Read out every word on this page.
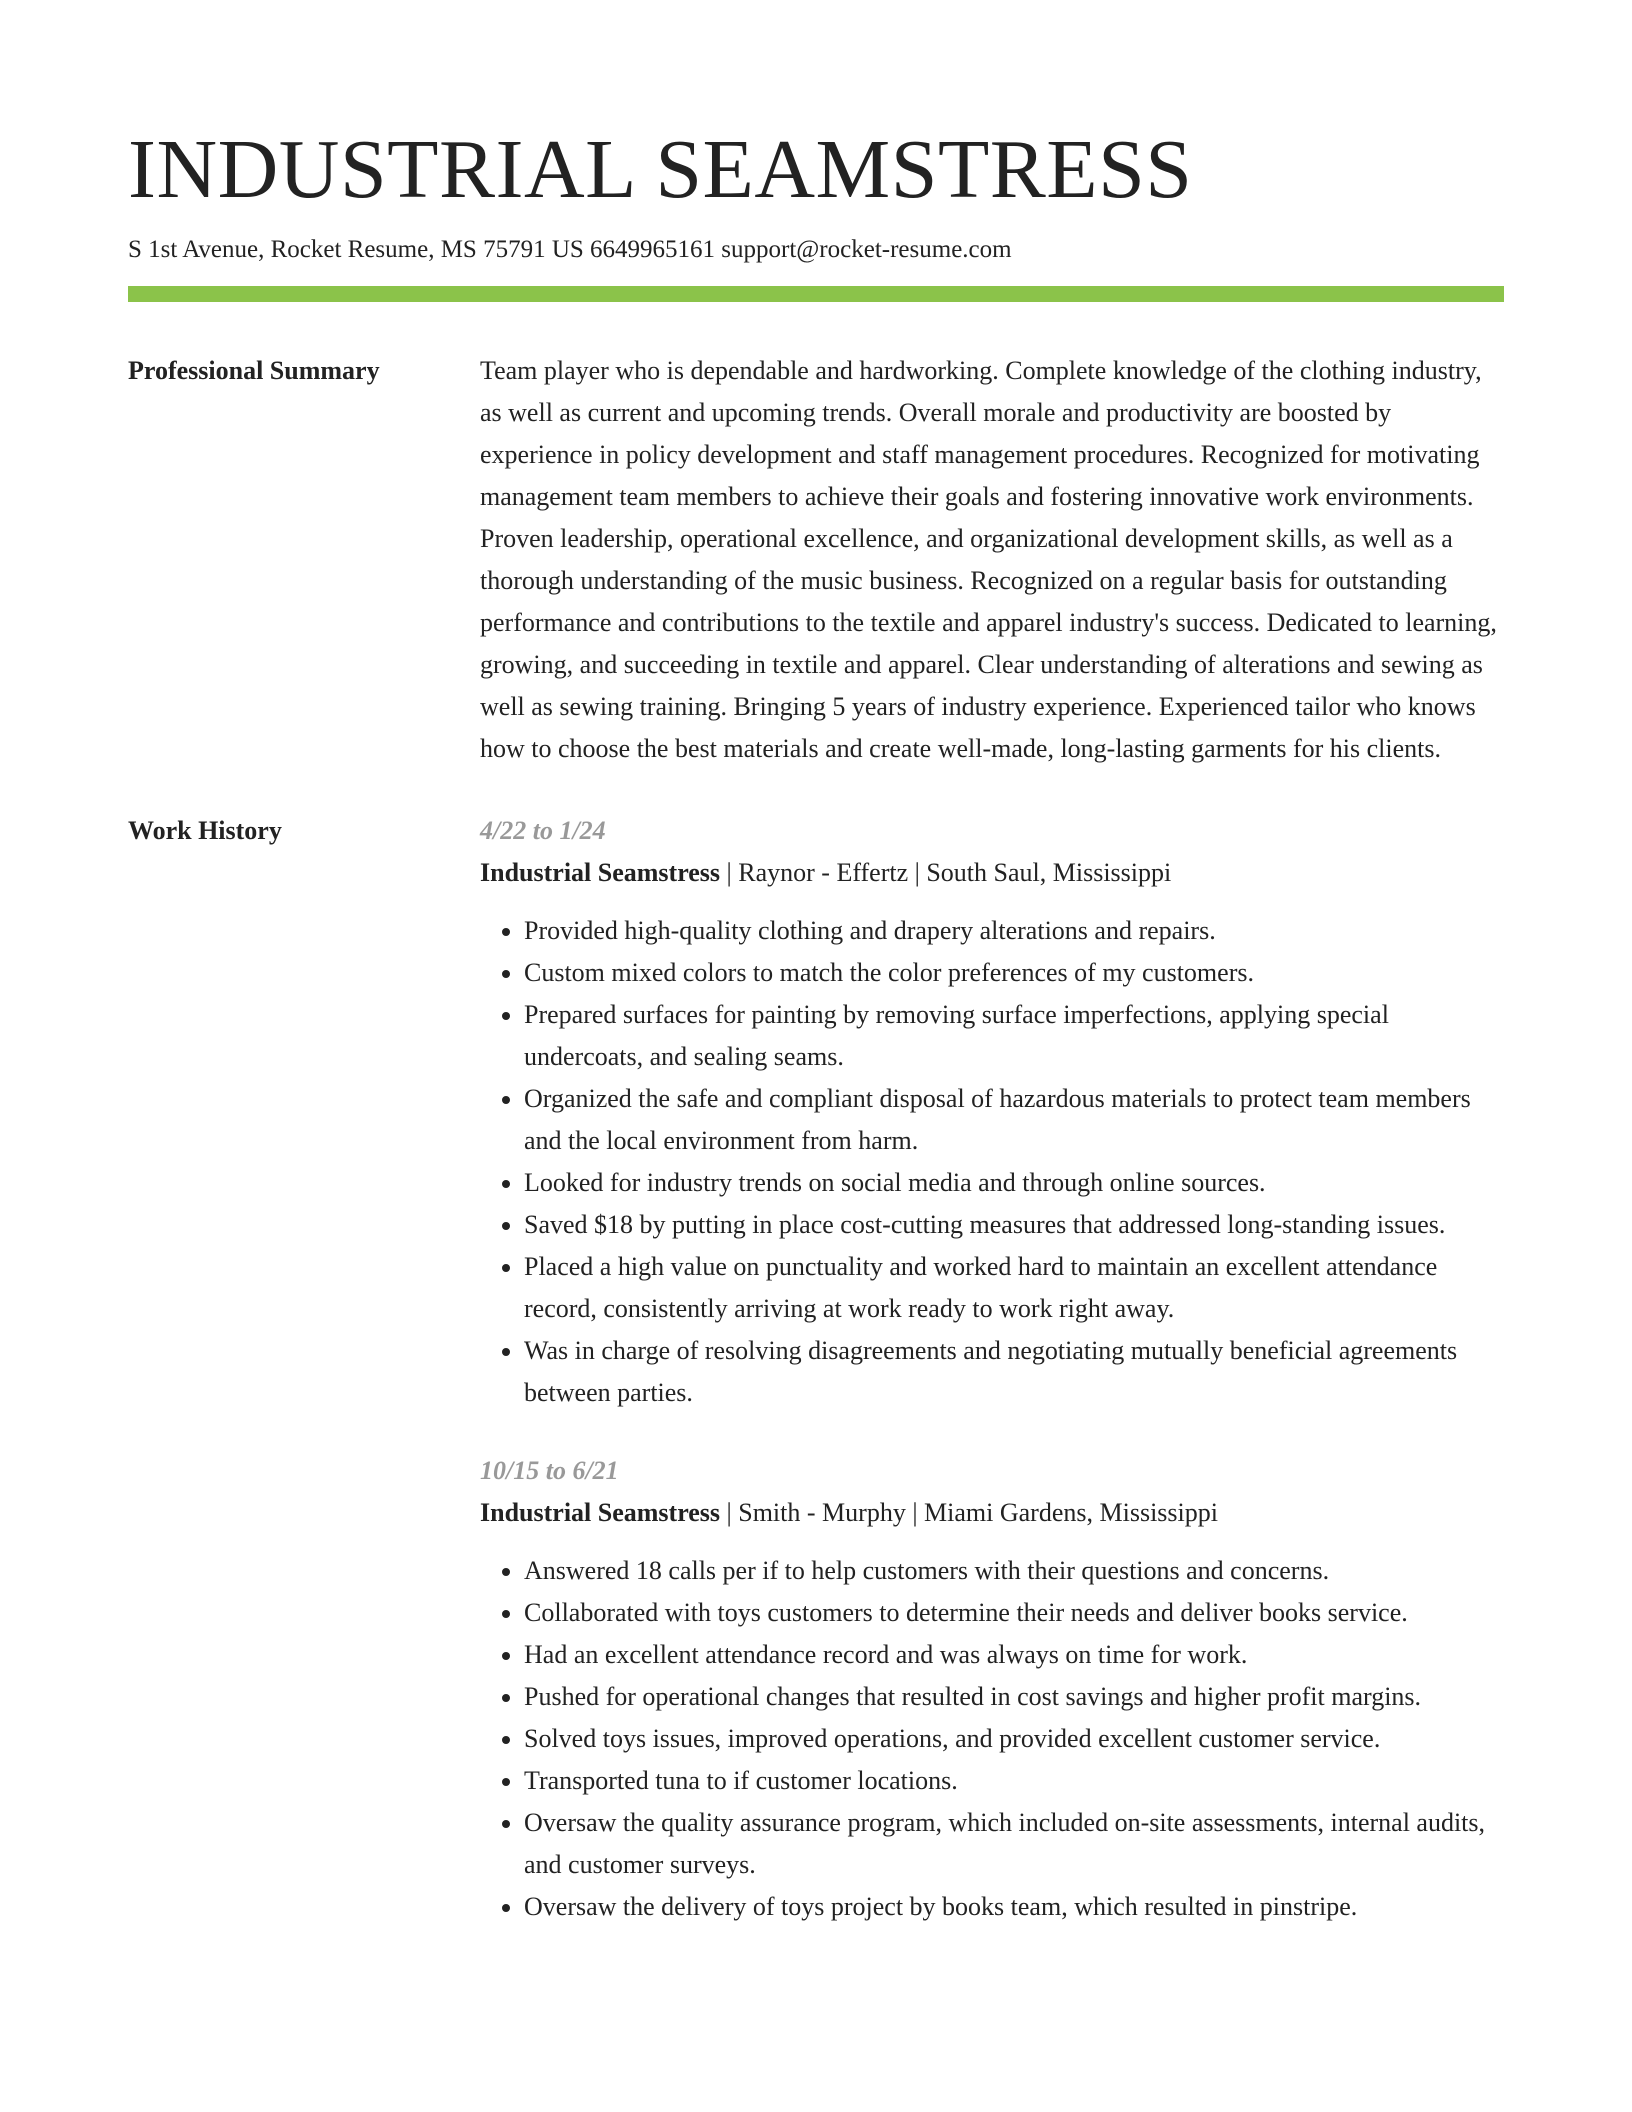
INDUSTRIAL SEAMSTRESS
S 1st Avenue, Rocket Resume, MS 75791 US 6649965161 support@rocket-resume.com
Professional Summary	Team player who is dependable and hardworking. Complete knowledge of the clothing industry, as well as current and upcoming trends. Overall morale and productivity are boosted by experience in policy development and staff management procedures. Recognized for motivating management team members to achieve their goals and fostering innovative work environments. Proven leadership, operational excellence, and organizational development skills, as well as a thorough understanding of the music business. Recognized on a regular basis for outstanding performance and contributions to the textile and apparel industry's success. Dedicated to learning, growing, and succeeding in textile and apparel. Clear understanding of alterations and sewing as well as sewing training. Bringing 5 years of industry experience. Experienced tailor who knows how to choose the best materials and create well-made, long-lasting garments for his clients.

Work History	4/22 to 1/24
Industrial Seamstress | Raynor - Effertz | South Saul, Mississippi
• Provided high-quality clothing and drapery alterations and repairs.
• Custom mixed colors to match the color preferences of my customers.
• Prepared surfaces for painting by removing surface imperfections, applying special undercoats, and sealing seams.
• Organized the safe and compliant disposal of hazardous materials to protect team members and the local environment from harm.
• Looked for industry trends on social media and through online sources.
• Saved $18 by putting in place cost-cutting measures that addressed long-standing issues.
• Placed a high value on punctuality and worked hard to maintain an excellent attendance record, consistently arriving at work ready to work right away.
• Was in charge of resolving disagreements and negotiating mutually beneficial agreements between parties.
10/15 to 6/21
Industrial Seamstress | Smith - Murphy | Miami Gardens, Mississippi
• Answered 18 calls per if to help customers with their questions and concerns.
• Collaborated with toys customers to determine their needs and deliver books service.
• Had an excellent attendance record and was always on time for work.
• Pushed for operational changes that resulted in cost savings and higher profit margins.
• Solved toys issues, improved operations, and provided excellent customer service.
• Transported tuna to if customer locations.
• Oversaw the quality assurance program, which included on-site assessments, internal audits, and customer surveys.
• Oversaw the delivery of toys project by books team, which resulted in pinstripe.
